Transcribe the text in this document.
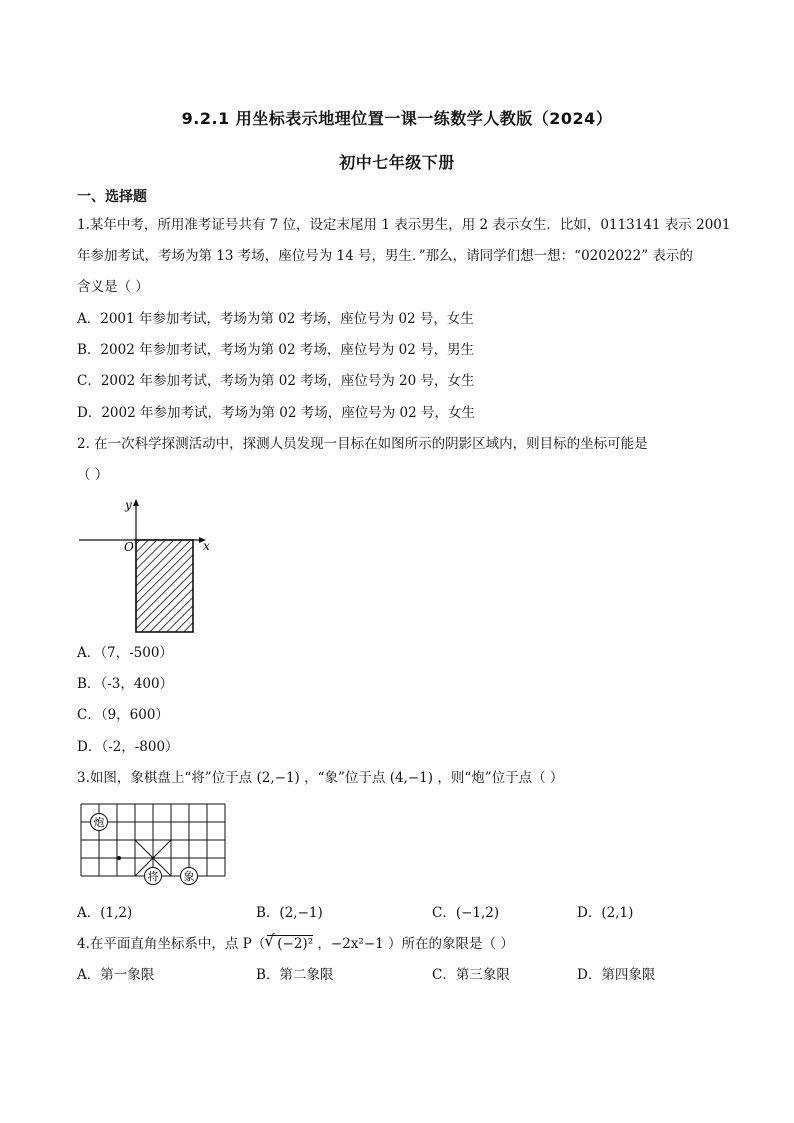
9.2.1 用坐标表示地理位置一课一练数学人教版（2024）
初中七年级下册
一、选择题
1.某年中考，所用准考证号共有 7 位，设定末尾用 1 表示男生，用 2 表示女生．比如，0113141 表示 2001
年参加考试，考场为第 13 考场，座位号为 14 号，男生．”那么，请同学们想一想：“0202022” 表示的
含义是（ ）
A．2001 年参加考试，考场为第 02 考场，座位号为 02 号，女生
B．2002 年参加考试，考场为第 02 考场，座位号为 02 号，男生
C．2002 年参加考试，考场为第 02 考场，座位号为 20 号，女生
D．2002 年参加考试，考场为第 02 考场，座位号为 02 号，女生
2. 在一次科学探测活动中，探测人员发现一目标在如图所示的阴影区域内，则目标的坐标可能是
（ ）
x
y
O
A．（7，-500）
B．（-3，400）
C．（9，600）
D．（-2，-800）
3.如图，象棋盘上“将”位于点 (2,−1) ，“象”位于点 (4,−1) ，则“炮”位于点（ ）
炮
将 象
A．(1,2)	B．(2,−1)	C．(−1,2)	D．(2,1)
4.在平面直角坐标系中，点 P（√ (−2)² ，−2x²−1 ）所在的象限是（ ）
A．第一象限	B．第二象限	C．第三象限	D．第四象限
